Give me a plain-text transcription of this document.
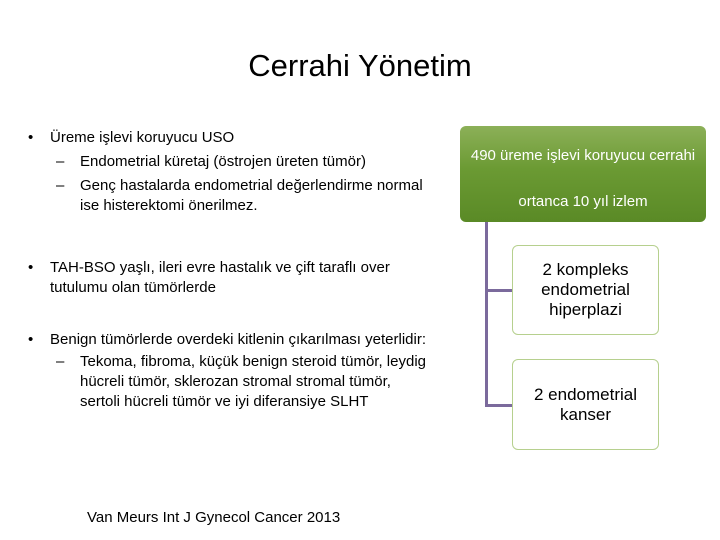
Cerrahi Yönetim
• Üreme işlevi koruyucu USO
– Endometrial küretaj (östrojen üreten tümör)
– Genç hastalarda endometrial değerlendirme normal ise histerektomi önerilmez.
• TAH-BSO yaşlı, ileri evre hastalık ve çift taraflı over tutulumu olan tümörlerde
• Benign tümörlerde overdeki kitlenin çıkarılması yeterlidir:
– Tekoma, fibroma, küçük benign steroid tümör, leydig hücreli tümör, sklerozan stromal stromal tümör, sertoli hücreli tümör ve iyi diferansiye SLHT
Van Meurs Int J Gynecol Cancer 2013
490 üreme işlevi koruyucu cerrahi
ortanca 10 yıl izlem
2 kompleks endometrial hiperplazi
2 endometrial kanser
